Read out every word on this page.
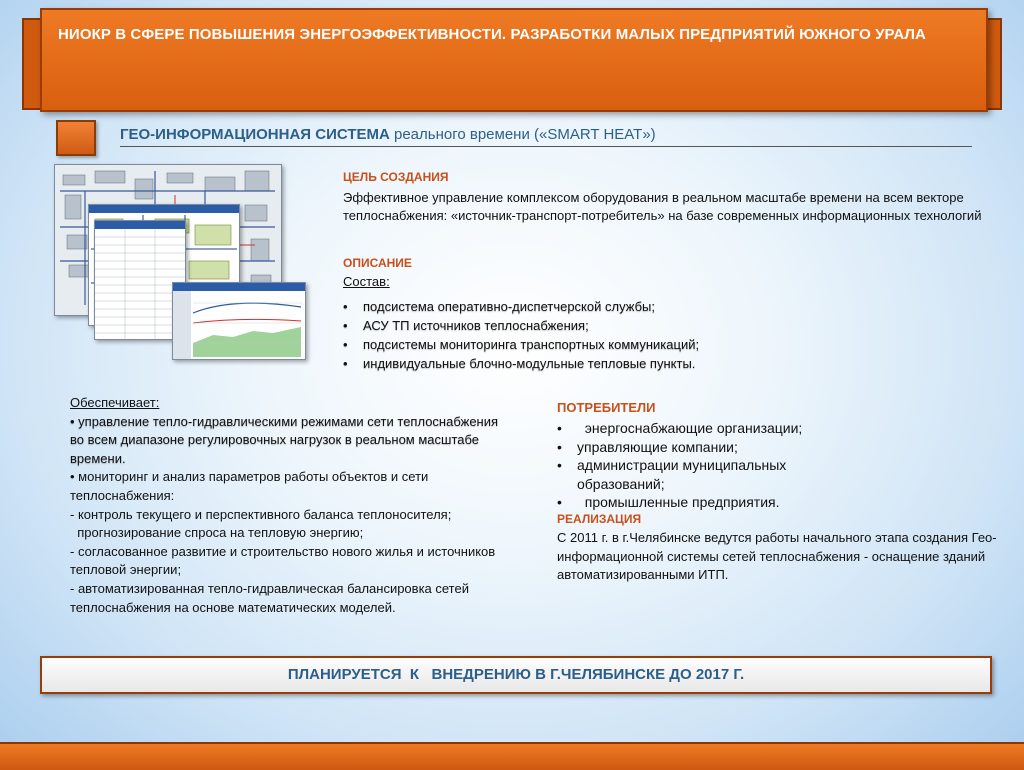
НИОКР В СФЕРЕ ПОВЫШЕНИЯ ЭНЕРГОЭФФЕКТИВНОСТИ. РАЗРАБОТКИ МАЛЫХ ПРЕДПРИЯТИЙ ЮЖНОГО УРАЛА
ГЕО-ИНФОРМАЦИОННАЯ СИСТЕМА реального времени («SMART HEAT»)
ЦЕЛЬ СОЗДАНИЯ
Эффективное управление комплексом оборудования в реальном масштабе времени на всем векторе теплоснабжения: «источник-транспорт-потребитель» на базе современных информационных технологий
ОПИСАНИЕ
Состав:
• подсистема оперативно-диспетчерской службы;
• АСУ ТП источников теплоснабжения;
• подсистемы мониторинга транспортных коммуникаций;
• индивидуальные блочно-модульные тепловые пункты.
Обеспечивает:
• управление тепло-гидравлическими режимами сети теплоснабжения во всем диапазоне регулировочных нагрузок в реальном масштабе времени.
• мониторинг и анализ параметров работы объектов и сети теплоснабжения:
- контроль текущего и перспективного баланса теплоносителя;
прогнозирование спроса на тепловую энергию;
- согласованное развитие и строительство нового жилья и источников тепловой энергии;
- автоматизированная тепло-гидравлическая балансировка сетей теплоснабжения на основе математических моделей.
ПОТРЕБИТЕЛИ
•   энергоснабжающие организации;
• управляющие компании;
• администрации муниципальных образований;
•   промышленные предприятия.
РЕАЛИЗАЦИЯ
С 2011 г. в г.Челябинске ведутся работы начального этапа создания Гео-информационной системы сетей теплоснабжения - оснащение зданий автоматизированными ИТП.
ПЛАНИРУЕТСЯ  К   ВНЕДРЕНИЮ В Г.ЧЕЛЯБИНСКЕ ДО 2017 Г.
